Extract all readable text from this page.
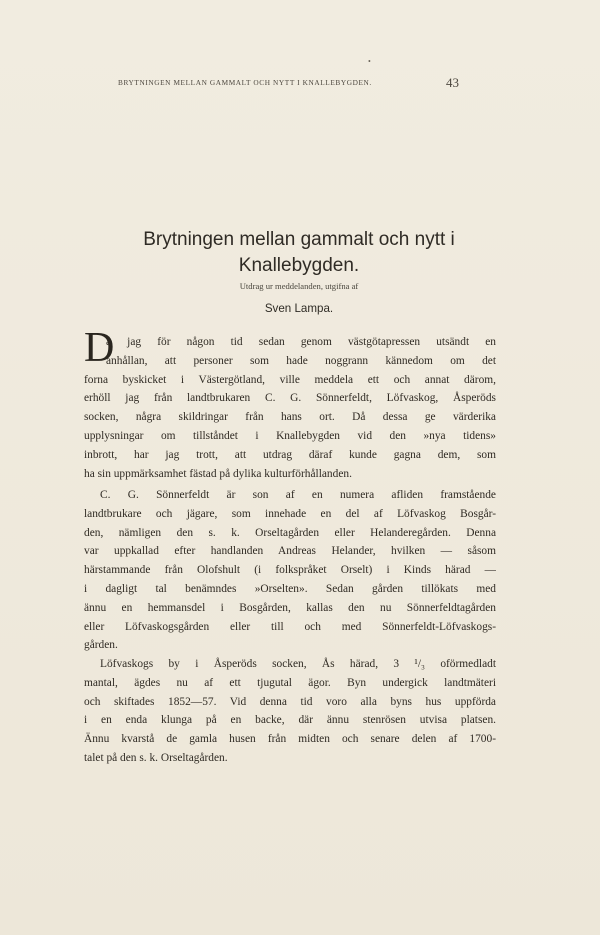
•
BRYTNINGEN MELLAN GAMMALT OCH NYTT I KNALLEBYGDEN.	43
Brytningen mellan gammalt och nytt i
Knallebygden.
Utdrag ur meddelanden, utgifna af
Sven Lampa.
D
å jag för någon tid sedan genom västgötapressen utsändt en
anhållan, att personer som hade noggrann kännedom om det
forna byskicket i Västergötland, ville meddela ett och annat därom,
erhöll jag från landtbrukaren C. G. Sönnerfeldt, Löfvaskog, Åsperöds
socken, några skildringar från hans ort. Då dessa ge värderika
upplysningar om tillståndet i Knallebygden vid den »nya tidens»
inbrott, har jag trott, att utdrag däraf kunde gagna dem, som
ha sin uppmärksamhet fästad på dylika kulturförhållanden.
C. G. Sönnerfeldt är son af en numera afliden framstående
landtbrukare och jägare, som innehade en del af Löfvaskog Bosgår-
den, nämligen den s. k. Orseltagården eller Helanderegården. Denna
var uppkallad efter handlanden Andreas Helander, hvilken — såsom
härstammande från Olofshult (i folkspråket Orselt) i Kinds härad —
i dagligt tal benämndes »Orselten». Sedan gården tillökats med
ännu en hemmansdel i Bosgården, kallas den nu Sönnerfeldtagården
eller Löfvaskogsgården eller till och med Sönnerfeldt-Löfvaskogs-
gården.
Löfvaskogs by i Åsperöds socken, Ås härad, 3 ¹/₃ oförmedladt
mantal, ägdes nu af ett tjugutal ägor. Byn undergick landtmäteri
och skiftades 1852—57. Vid denna tid voro alla byns hus uppförda
i en enda klunga på en backe, där ännu stenrösen utvisa platsen.
Ännu kvarstå de gamla husen från midten och senare delen af 1700-
talet på den s. k. Orseltagården.
